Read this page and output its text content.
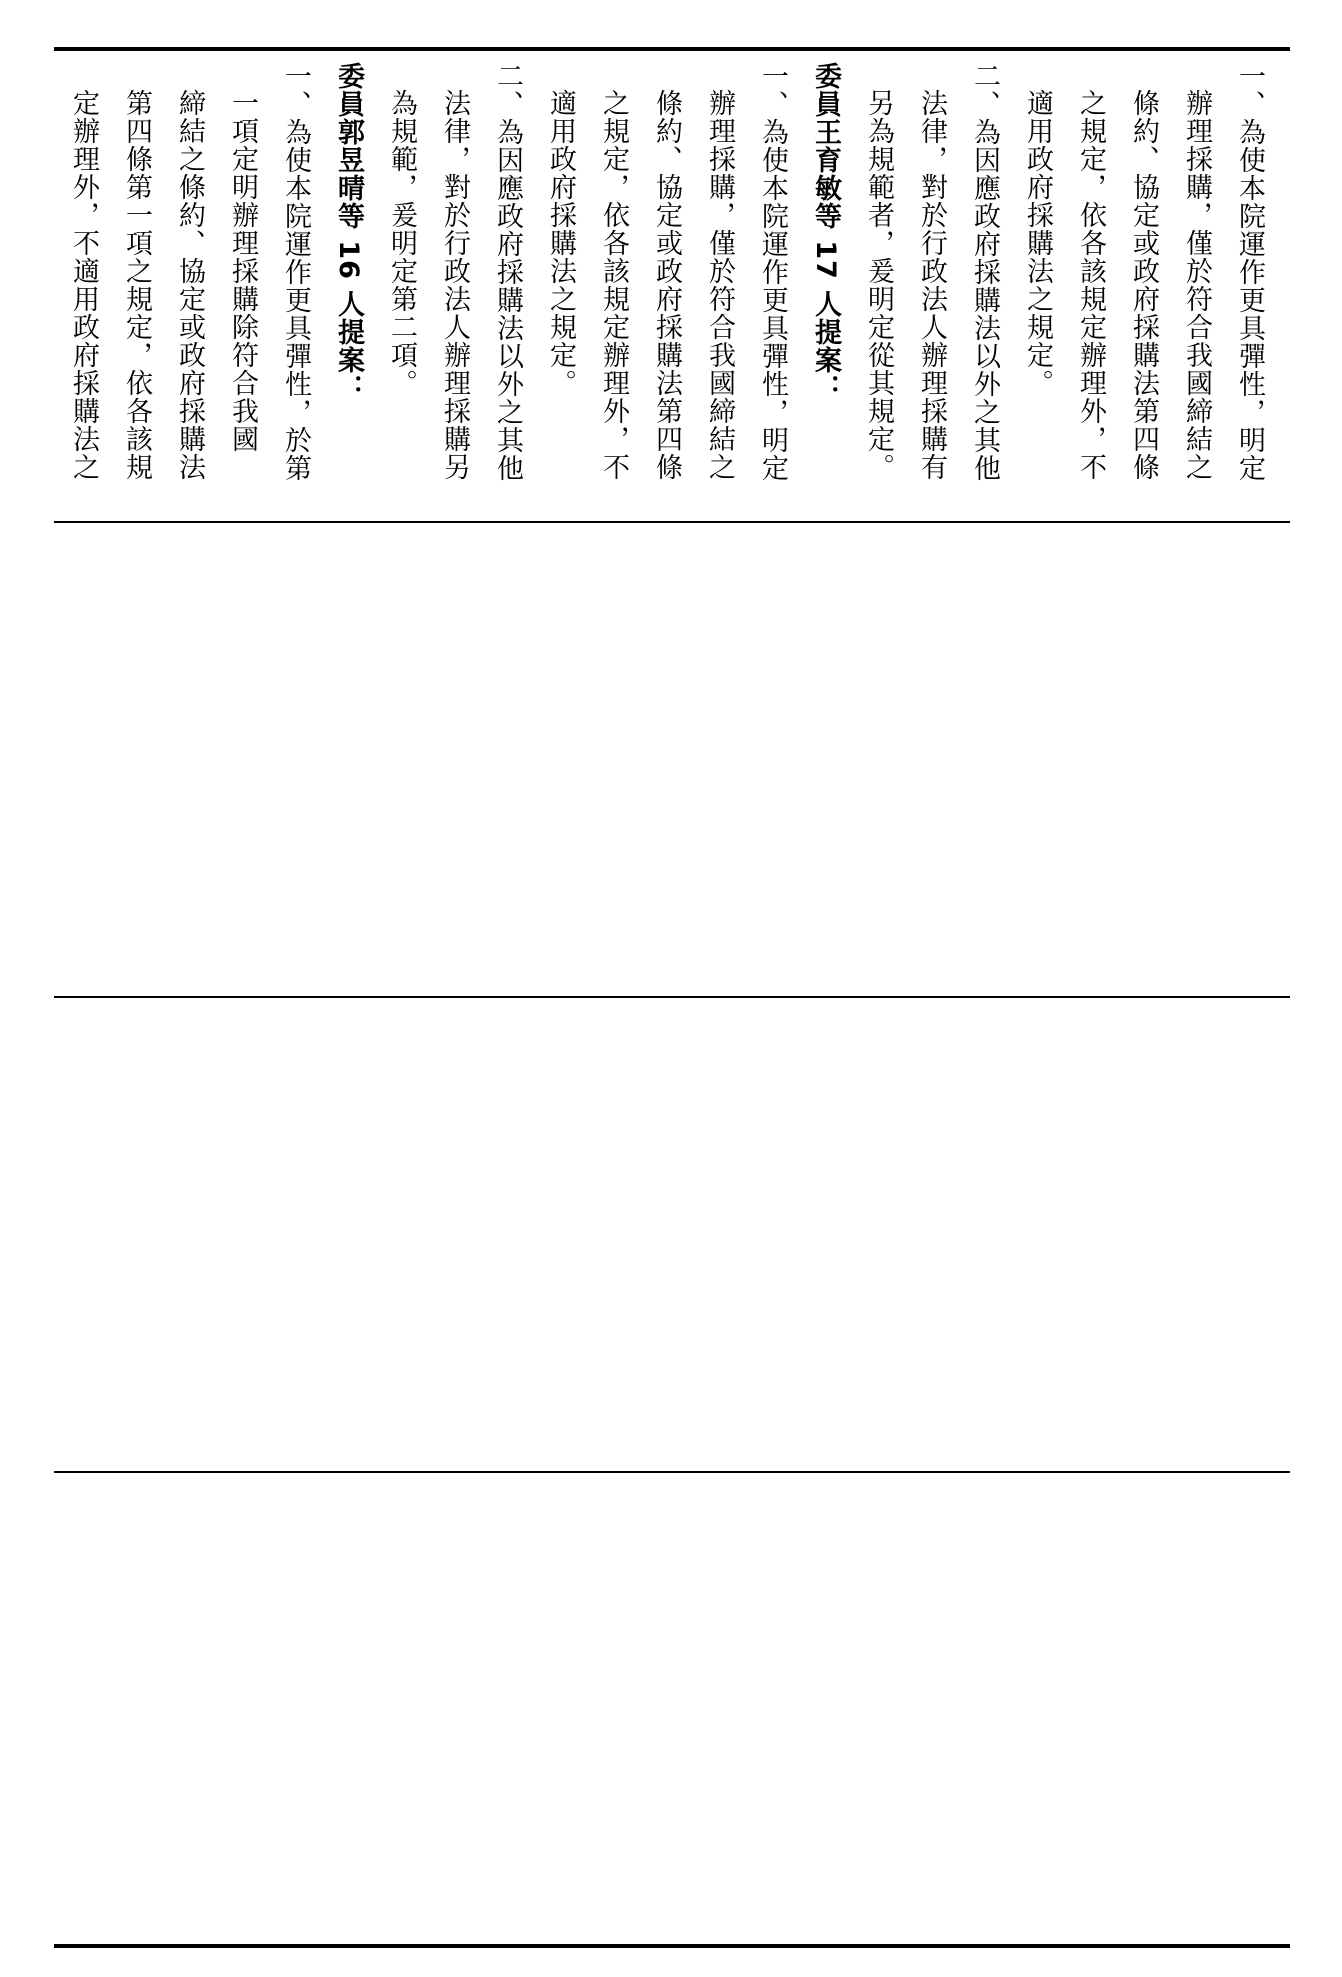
一、為使本院運作更具彈性，明定
辦理採購，僅於符合我國締結之
條約、協定或政府採購法第四條
之規定，依各該規定辦理外，不
適用政府採購法之規定。
二、為因應政府採購法以外之其他
法律，對於行政法人辦理採購有
另為規範者，爰明定從其規定。
委員王育敏等 17 人提案：
一、為使本院運作更具彈性，明定
辦理採購，僅於符合我國締結之
條約、協定或政府採購法第四條
之規定，依各該規定辦理外，不
適用政府採購法之規定。
二、為因應政府採購法以外之其他
法律，對於行政法人辦理採購另
為規範，爰明定第二項。
委員郭昱晴等 16 人提案：
一、為使本院運作更具彈性，於第
一項定明辦理採購除符合我國
締結之條約、協定或政府採購法
第四條第一項之規定，依各該規
定辦理外，不適用政府採購法之
